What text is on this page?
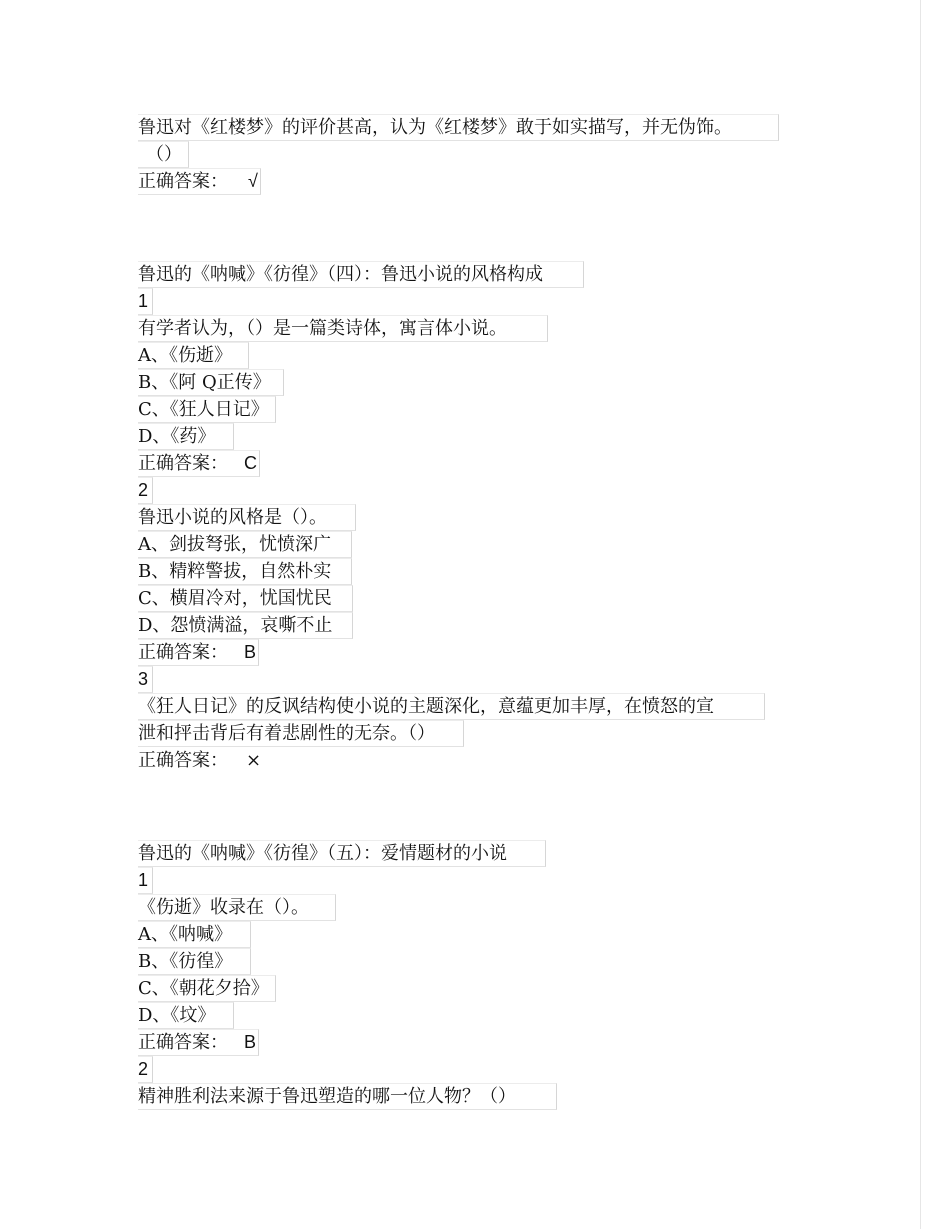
鲁迅对《红楼梦》的评价甚高，认为《红楼梦》敢于如实描写，并无伪饰。
（）
正确答案： √
鲁迅的《呐喊》《彷徨》（四）：鲁迅小说的风格构成
1
有学者认为，（）是一篇类诗体，寓言体小说。
A、《伤逝》
B、《阿 Q正传》
C、《狂人日记》
D、《药》
正确答案： C
2
鲁迅小说的风格是（）。
A、剑拔弩张，忧愤深广
B、精粹警拔，自然朴实
C、横眉冷对，忧国忧民
D、怨愤满溢，哀嘶不止
正确答案： B
3
《狂人日记》的反讽结构使小说的主题深化，意蕴更加丰厚，在愤怒的宣
泄和抨击背后有着悲剧性的无奈。（）
正确答案： ×
鲁迅的《呐喊》《彷徨》（五）：爱情题材的小说
1
《伤逝》收录在（）。
A、《呐喊》
B、《彷徨》
C、《朝花夕拾》
D、《坟》
正确答案： B
2
精神胜利法来源于鲁迅塑造的哪一位人物？（）
